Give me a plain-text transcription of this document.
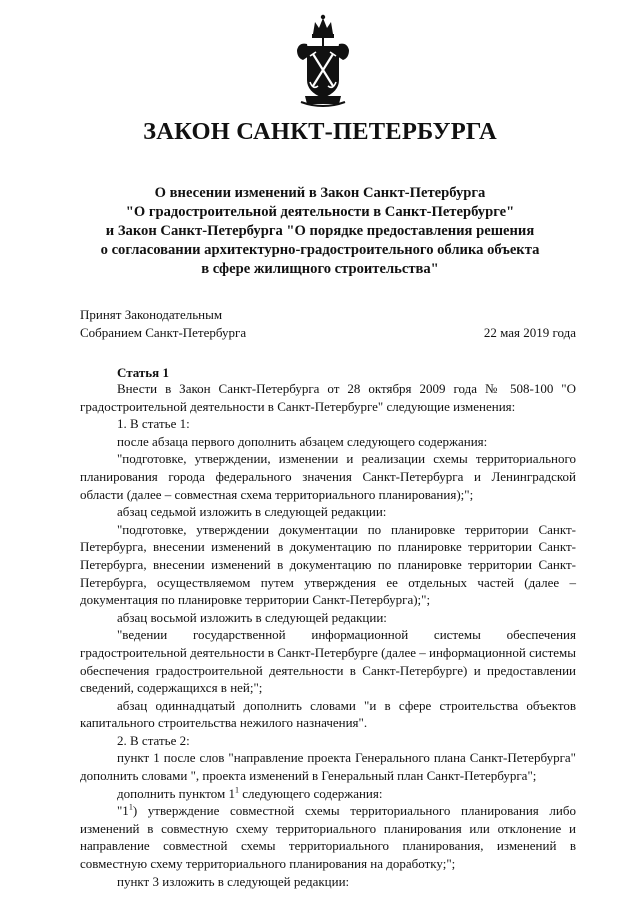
ЗАКОН САНКТ-ПЕТЕРБУРГА
О внесении изменений в Закон Санкт-Петербурга
"О градостроительной деятельности в Санкт-Петербурге"
и Закон Санкт-Петербурга "О порядке предоставления решения
о согласовании архитектурно-градостроительного облика объекта
в сфере жилищного строительства"
Принят Законодательным
Собранием Санкт-Петербурга	22 мая 2019 года
Статья 1
Внести в Закон Санкт-Петербурга от 28 октября 2009 года № 508-100 "О градостроительной деятельности в Санкт-Петербурге" следующие изменения:
1. В статье 1:
после абзаца первого дополнить абзацем следующего содержания:
"подготовке, утверждении, изменении и реализации схемы территориального планирования города федерального значения Санкт-Петербурга и Ленинградской области (далее – совместная схема территориального планирования);";
абзац седьмой изложить в следующей редакции:
"подготовке, утверждении документации по планировке территории Санкт-Петербурга, внесении изменений в документацию по планировке территории Санкт-Петербурга, внесении изменений в документацию по планировке территории Санкт-Петербурга, осуществляемом путем утверждения ее отдельных частей (далее – документация по планировке территории Санкт-Петербурга);";
абзац восьмой изложить в следующей редакции:
"ведении государственной информационной системы обеспечения градостроительной деятельности в Санкт-Петербурге (далее – информационной системы обеспечения градостроительной деятельности в Санкт-Петербурге) и предоставлении сведений, содержащихся в ней;";
абзац одиннадцатый дополнить словами "и в сфере строительства объектов капитального строительства нежилого назначения".
2. В статье 2:
пункт 1 после слов "направление проекта Генерального плана Санкт-Петербурга" дополнить словами ", проекта изменений в Генеральный план Санкт-Петербурга";
дополнить пунктом $1^1$ следующего содержания:
"$1^1$) утверждение совместной схемы территориального планирования либо изменений в совместную схему территориального планирования или отклонение и направление совместной схемы территориального планирования, изменений в совместную схему территориального планирования на доработку;";
пункт 3 изложить в следующей редакции:
